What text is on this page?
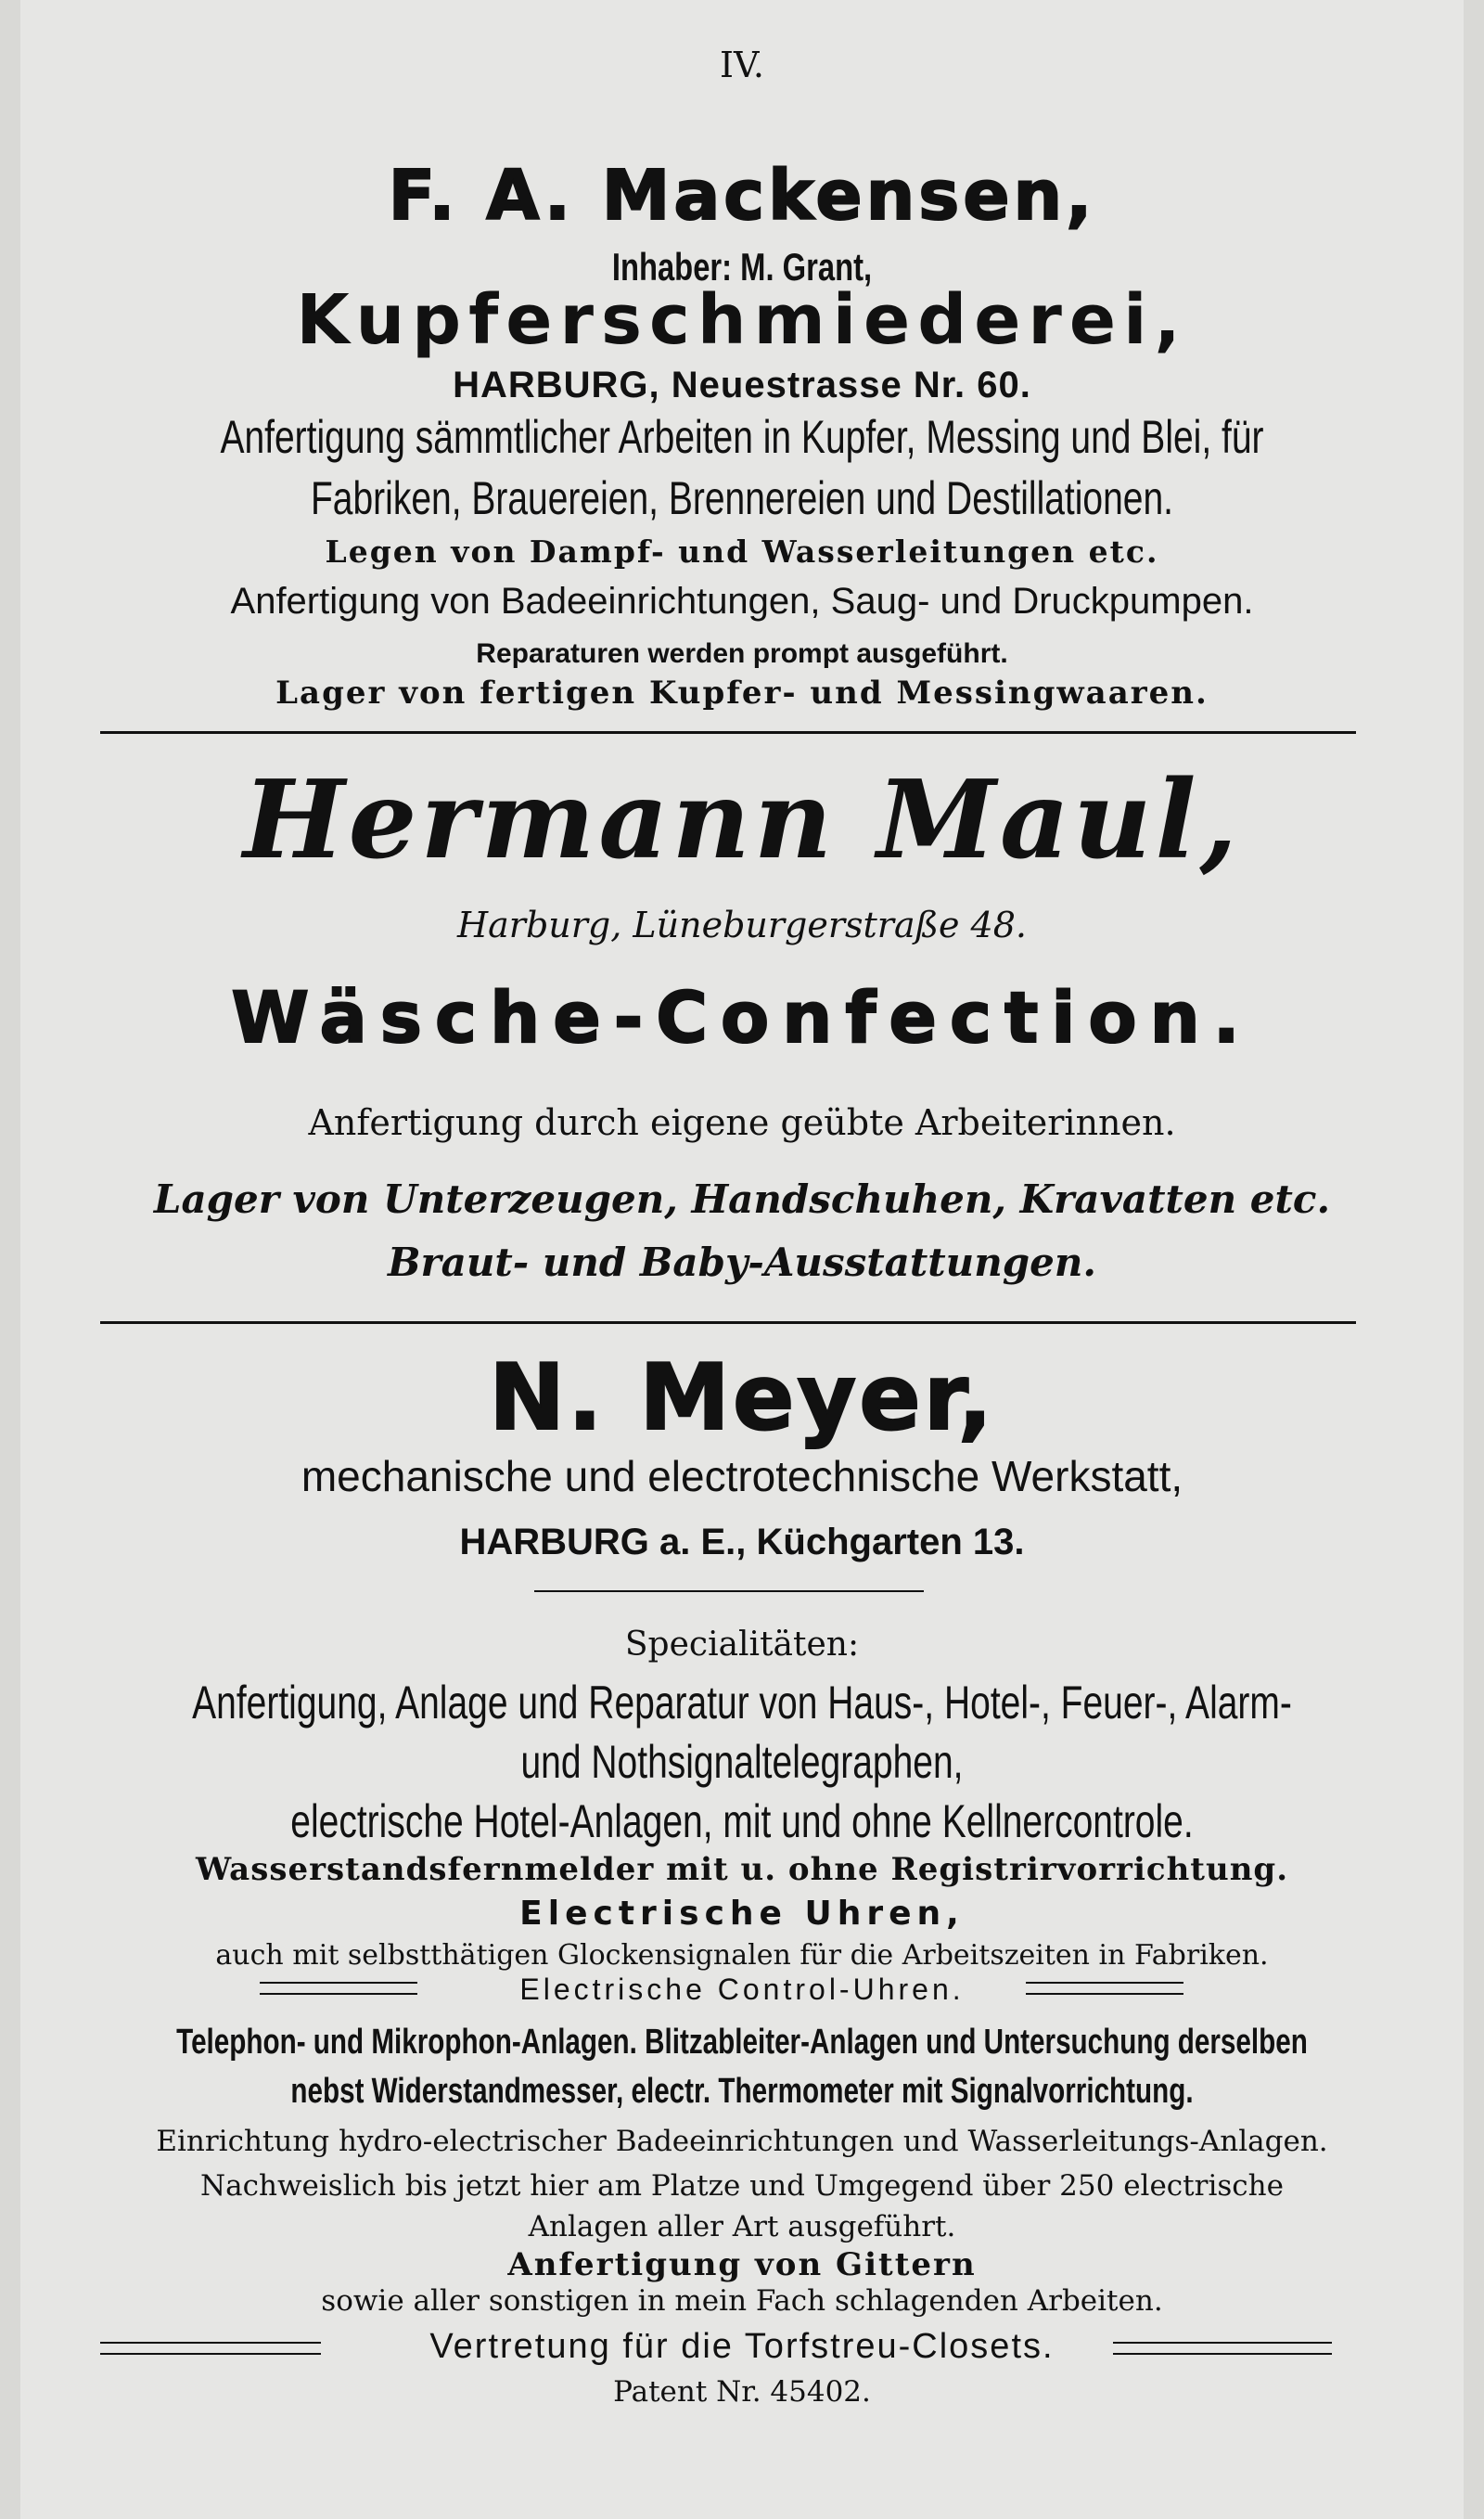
IV.
F. A. Mackensen,
Inhaber: M. Grant,
Kupferschmiederei,
HARBURG, Neuestrasse Nr. 60.
Anfertigung sämmtlicher Arbeiten in Kupfer, Messing und Blei, für
Fabriken, Brauereien, Brennereien und Destillationen.
Legen von Dampf- und Wasserleitungen etc.
Anfertigung von Badeeinrichtungen, Saug- und Druckpumpen.
Reparaturen werden prompt ausgeführt.
Lager von fertigen Kupfer- und Messingwaaren.
Hermann Maul,
Harburg, Lüneburgerstraße 48.
Wäsche-Confection.
Anfertigung durch eigene geübte Arbeiterinnen.
Lager von Unterzeugen, Handschuhen, Kravatten etc.
Braut- und Baby-Ausstattungen.
N. Meyer,
mechanische und electrotechnische Werkstatt,
HARBURG a. E., Küchgarten 13.
Specialitäten:
Anfertigung, Anlage und Reparatur von Haus-, Hotel-, Feuer-, Alarm-
und Nothsignaltelegraphen,
electrische Hotel-Anlagen, mit und ohne Kellnercontrole.
Wasserstandsfernmelder mit u. ohne Registrirvorrichtung.
Electrische Uhren,
auch mit selbstthätigen Glockensignalen für die Arbeitszeiten in Fabriken.
Electrische Control-Uhren.
Telephon- und Mikrophon-Anlagen. Blitzableiter-Anlagen und Untersuchung derselben
nebst Widerstandmesser, electr. Thermometer mit Signalvorrichtung.
Einrichtung hydro-electrischer Badeeinrichtungen und Wasserleitungs-Anlagen.
Nachweislich bis jetzt hier am Platze und Umgegend über 250 electrische
Anlagen aller Art ausgeführt.
Anfertigung von Gittern
sowie aller sonstigen in mein Fach schlagenden Arbeiten.
Vertretung für die Torfstreu-Closets.
Patent Nr. 45402.
